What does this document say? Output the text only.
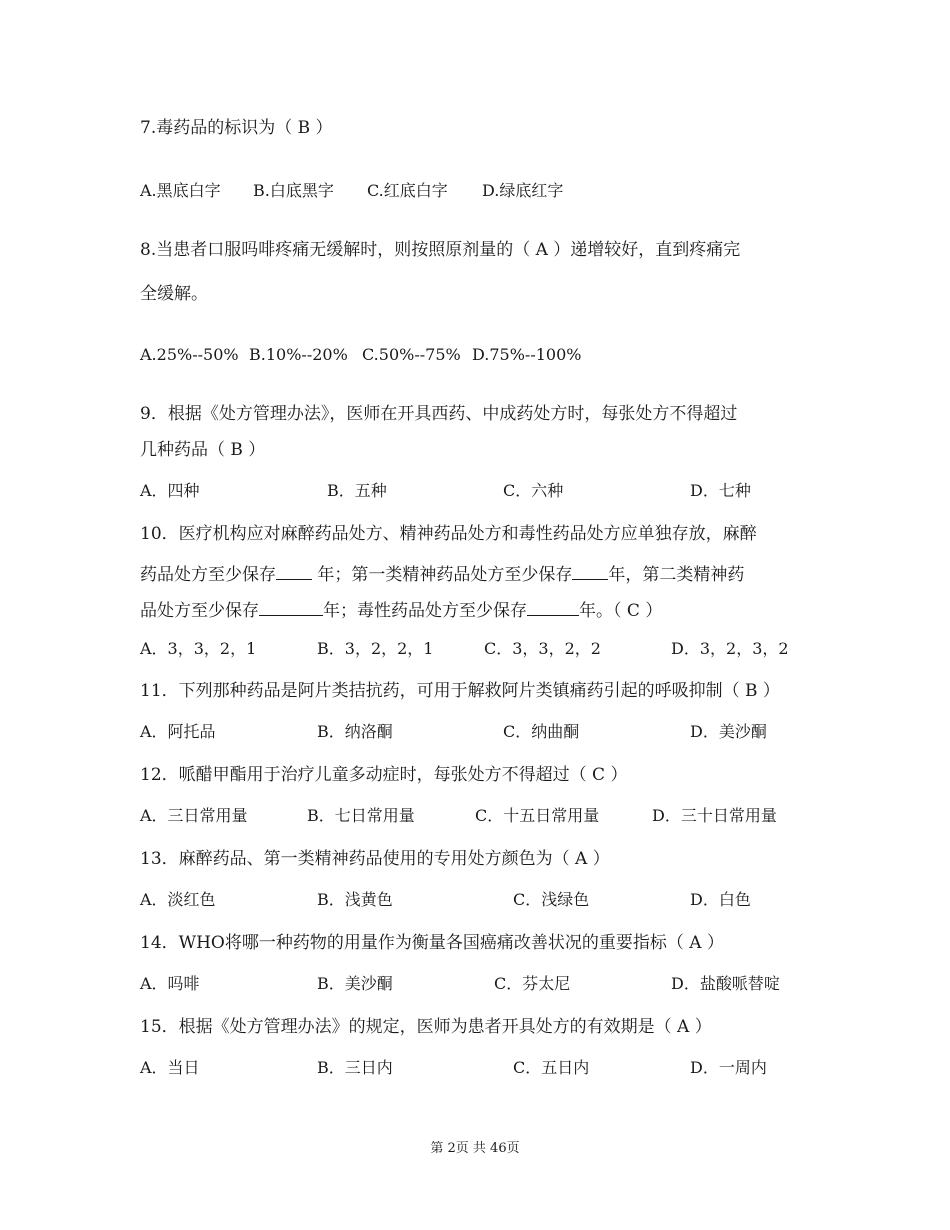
7.毒药品的标识为（ B ）
A.黑底白字 B.白底黑字 C.红底白字 D.绿底红字
8.当患者口服吗啡疼痛无缓解时，则按照原剂量的（ A ）递增较好，直到疼痛完
全缓解。
A.25%--50% B.10%--20% C.50%--75% D.75%--100%
9．根据《处方管理办法》，医师在开具西药、中成药处方时，每张处方不得超过
几种药品（ B ）
A．四种	B．五种	C．六种	D．七种
10．医疗机构应对麻醉药品处方、精神药品处方和毒性药品处方应单独存放，麻醉
药品处方至少保存 年；第一类精神药品处方至少保存 年，第二类精神药
品处方至少保存	年；毒性药品处方至少保存	年。（ C ）
A．3，3，2，1	B．3，2，2，1	C．3，3，2，2	D．3，2，3，2
11．下列那种药品是阿片类拮抗药，可用于解救阿片类镇痛药引起的呼吸抑制（ B ）
A．阿托品	B．纳洛酮	C．纳曲酮	D．美沙酮
12．哌醋甲酯用于治疗儿童多动症时，每张处方不得超过（ C ）
A．三日常用量	B．七日常用量	C．十五日常用量	D．三十日常用量
13．麻醉药品、第一类精神药品使用的专用处方颜色为（ A ）
A．淡红色	B．浅黄色	C．浅绿色	D．白色
14．WHO将哪一种药物的用量作为衡量各国癌痛改善状况的重要指标（ A ）
A．吗啡	B．美沙酮	C．芬太尼	D．盐酸哌替啶
15．根据《处方管理办法》的规定，医师为患者开具处方的有效期是（ A ）
A．当日	B．三日内	C．五日内	D．一周内
第 2页 共 46页
